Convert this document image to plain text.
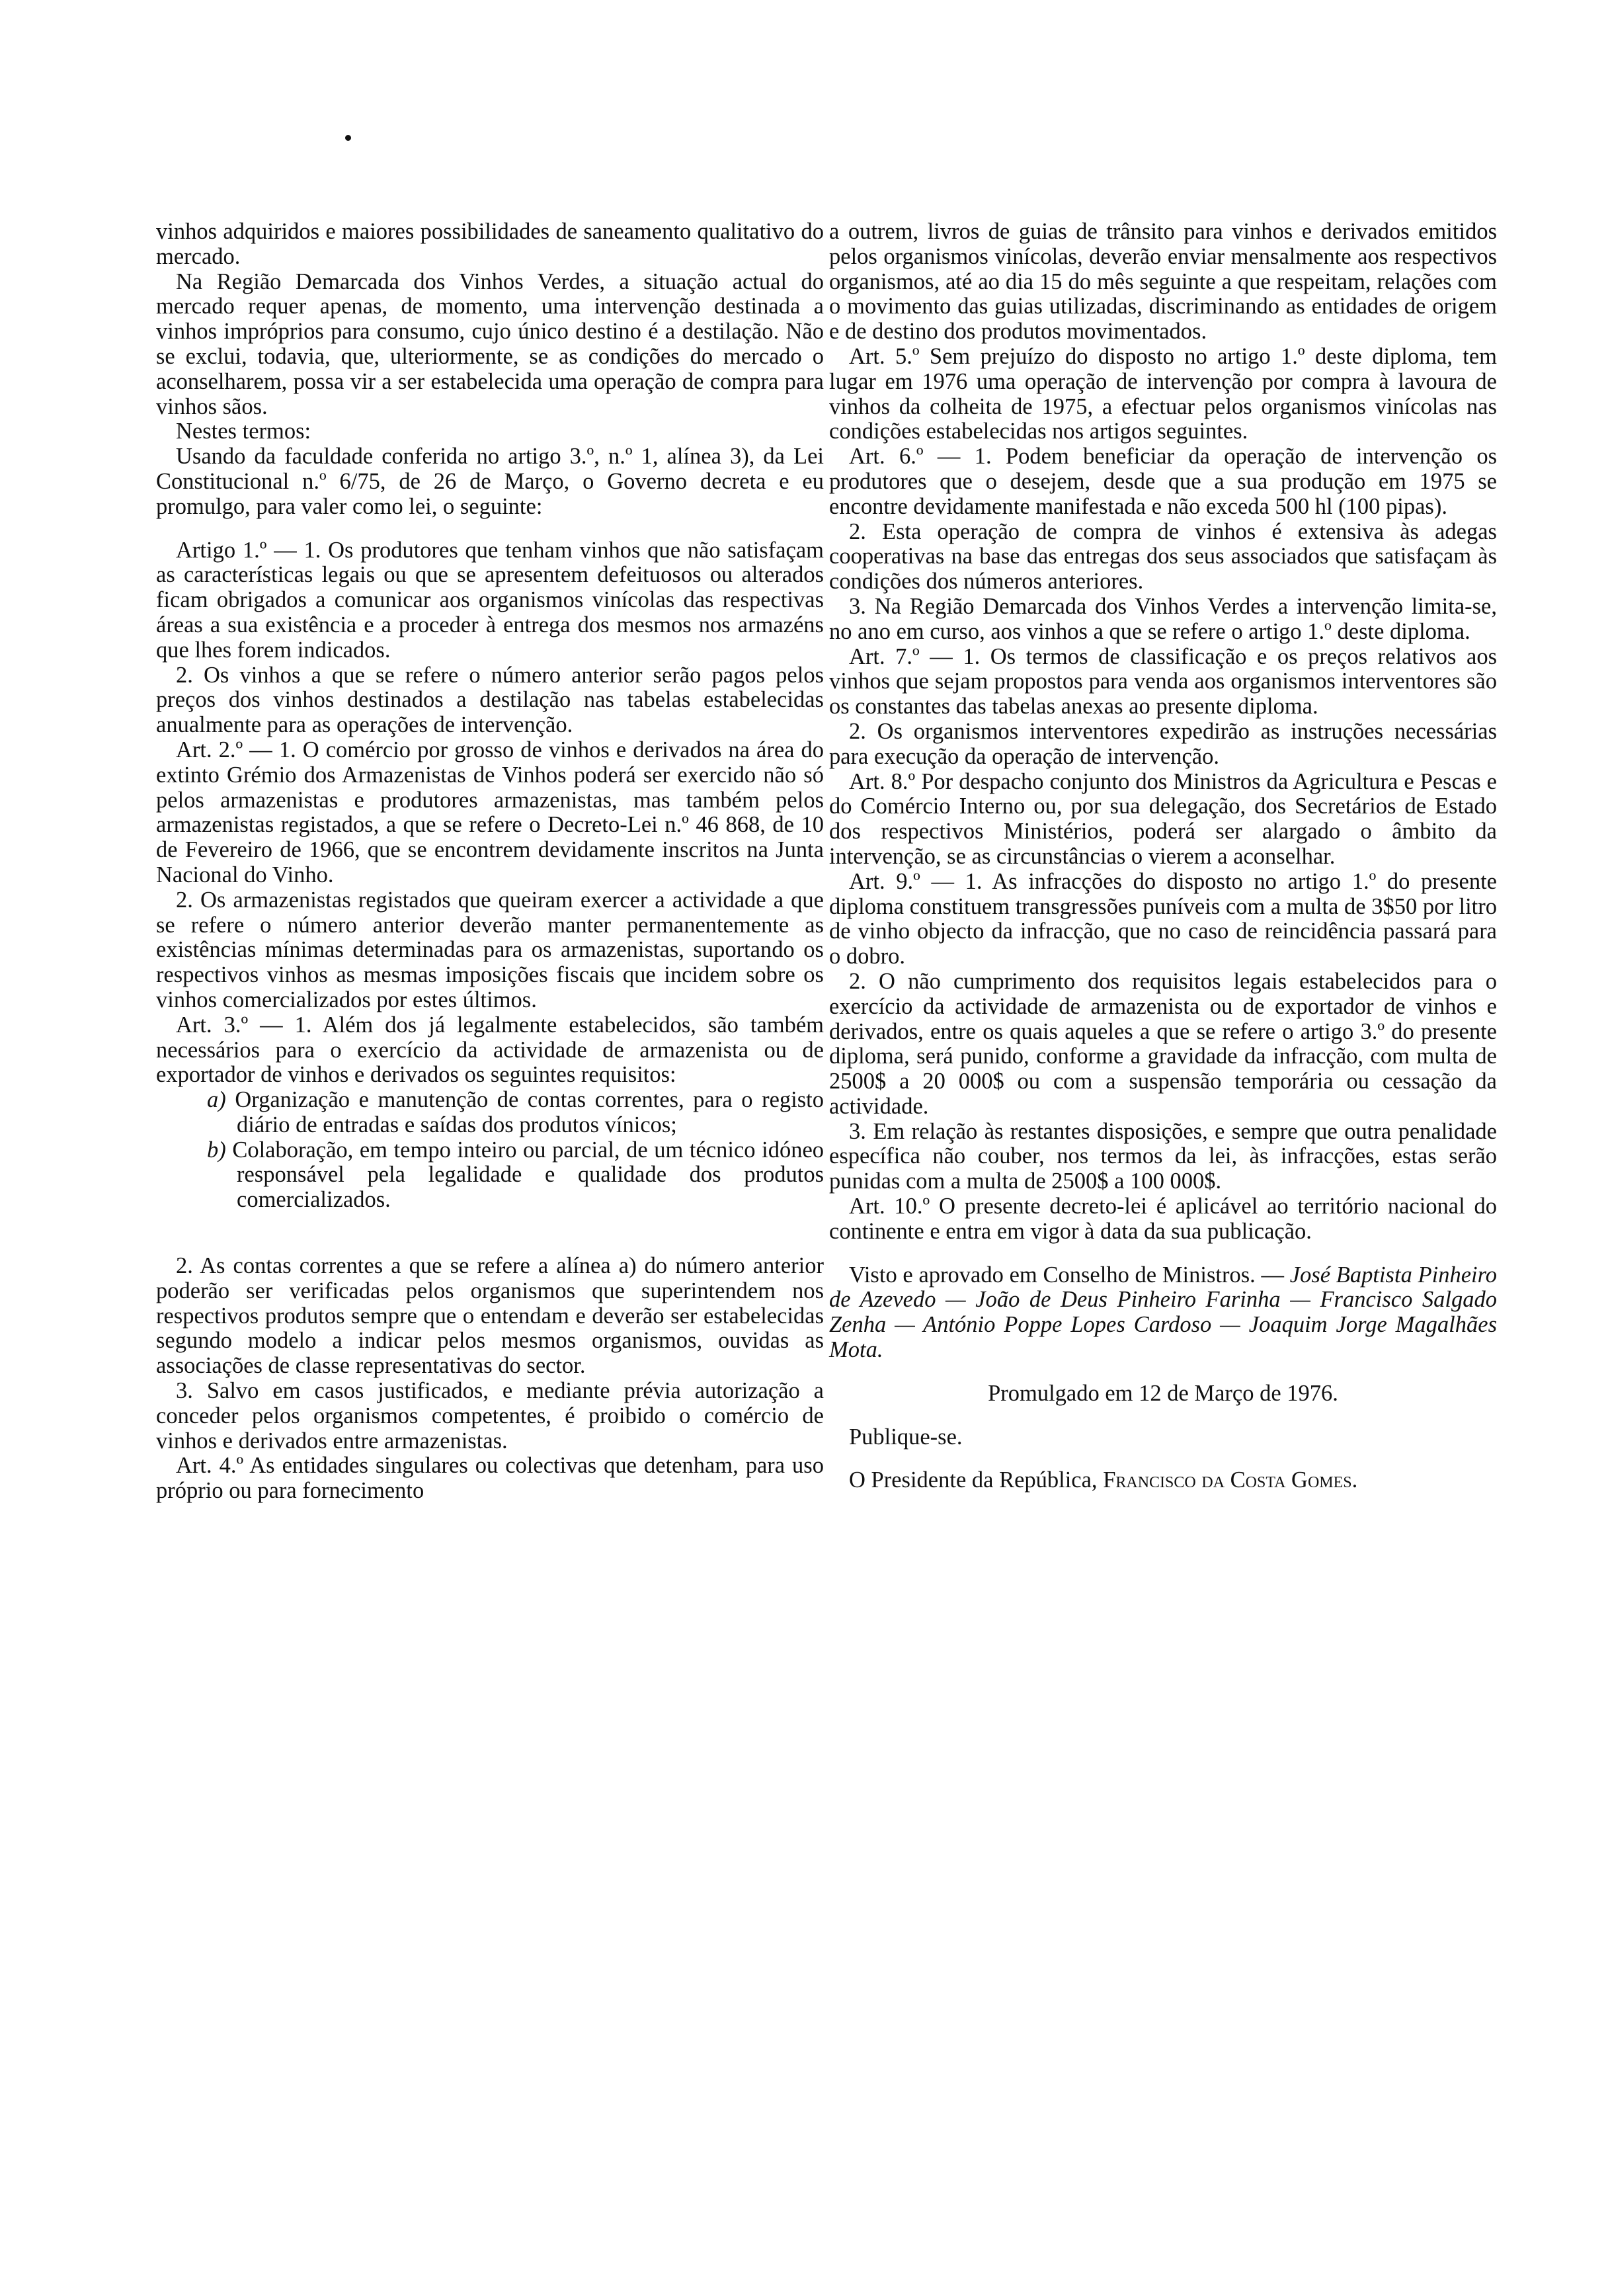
vinhos adquiridos e maiores possibilidades de saneamento qualitativo do mercado.

Na Região Demarcada dos Vinhos Verdes, a situação actual do mercado requer apenas, de momento, uma intervenção destinada a vinhos impróprios para consumo, cujo único destino é a destilação. Não se exclui, todavia, que, ulteriormente, se as condições do mercado o aconselharem, possa vir a ser estabelecida uma operação de compra para vinhos sãos.

Nestes termos:

Usando da faculdade conferida no artigo 3.º, n.º 1, alínea 3), da Lei Constitucional n.º 6/75, de 26 de Março, o Governo decreta e eu promulgo, para valer como lei, o seguinte:

Artigo 1.º — 1. Os produtores que tenham vinhos que não satisfaçam as características legais ou que se apresentem defeituosos ou alterados ficam obrigados a comunicar aos organismos vinícolas das respectivas áreas a sua existência e a proceder à entrega dos mesmos nos armazéns que lhes forem indicados.

2. Os vinhos a que se refere o número anterior serão pagos pelos preços dos vinhos destinados a destilação nas tabelas estabelecidas anualmente para as operações de intervenção.

Art. 2.º — 1. O comércio por grosso de vinhos e derivados na área do extinto Grémio dos Armazenistas de Vinhos poderá ser exercido não só pelos armazenistas e produtores armazenistas, mas também pelos armazenistas registados, a que se refere o Decreto-Lei n.º 46 868, de 10 de Fevereiro de 1966, que se encontrem devidamente inscritos na Junta Nacional do Vinho.

2. Os armazenistas registados que queiram exercer a actividade a que se refere o número anterior deverão manter permanentemente as existências mínimas determinadas para os armazenistas, suportando os respectivos vinhos as mesmas imposições fiscais que incidem sobre os vinhos comercializados por estes últimos.

Art. 3.º — 1. Além dos já legalmente estabelecidos, são também necessários para o exercício da actividade de armazenista ou de exportador de vinhos e derivados os seguintes requisitos:

a) Organização e manutenção de contas correntes, para o registo diário de entradas e saídas dos produtos vínicos;

b) Colaboração, em tempo inteiro ou parcial, de um técnico idóneo responsável pela legalidade e qualidade dos produtos comercializados.

2. As contas correntes a que se refere a alínea a) do número anterior poderão ser verificadas pelos organismos que superintendem nos respectivos produtos sempre que o entendam e deverão ser estabelecidas segundo modelo a indicar pelos mesmos organismos, ouvidas as associações de classe representativas do sector.

3. Salvo em casos justificados, e mediante prévia autorização a conceder pelos organismos competentes, é proibido o comércio de vinhos e derivados entre armazenistas.

Art. 4.º As entidades singulares ou colectivas que detenham, para uso próprio ou para fornecimento

a outrem, livros de guias de trânsito para vinhos e derivados emitidos pelos organismos vinícolas, deverão enviar mensalmente aos respectivos organismos, até ao dia 15 do mês seguinte a que respeitam, relações com o movimento das guias utilizadas, discriminando as entidades de origem e de destino dos produtos movimentados.

Art. 5.º Sem prejuízo do disposto no artigo 1.º deste diploma, tem lugar em 1976 uma operação de intervenção por compra à lavoura de vinhos da colheita de 1975, a efectuar pelos organismos vinícolas nas condições estabelecidas nos artigos seguintes.

Art. 6.º — 1. Podem beneficiar da operação de intervenção os produtores que o desejem, desde que a sua produção em 1975 se encontre devidamente manifestada e não exceda 500 hl (100 pipas).

2. Esta operação de compra de vinhos é extensiva às adegas cooperativas na base das entregas dos seus associados que satisfaçam às condições dos números anteriores.

3. Na Região Demarcada dos Vinhos Verdes a intervenção limita-se, no ano em curso, aos vinhos a que se refere o artigo 1.º deste diploma.

Art. 7.º — 1. Os termos de classificação e os preços relativos aos vinhos que sejam propostos para venda aos organismos interventores são os constantes das tabelas anexas ao presente diploma.

2. Os organismos interventores expedirão as instruções necessárias para execução da operação de intervenção.

Art. 8.º Por despacho conjunto dos Ministros da Agricultura e Pescas e do Comércio Interno ou, por sua delegação, dos Secretários de Estado dos respectivos Ministérios, poderá ser alargado o âmbito da intervenção, se as circunstâncias o vierem a aconselhar.

Art. 9.º — 1. As infracções do disposto no artigo 1.º do presente diploma constituem transgressões puníveis com a multa de 3$50 por litro de vinho objecto da infracção, que no caso de reincidência passará para o dobro.

2. O não cumprimento dos requisitos legais estabelecidos para o exercício da actividade de armazenista ou de exportador de vinhos e derivados, entre os quais aqueles a que se refere o artigo 3.º do presente diploma, será punido, conforme a gravidade da infracção, com multa de 2500$ a 20 000$ ou com a suspensão temporária ou cessação da actividade.

3. Em relação às restantes disposições, e sempre que outra penalidade específica não couber, nos termos da lei, às infracções, estas serão punidas com a multa de 2500$ a 100 000$.

Art. 10.º O presente decreto-lei é aplicável ao território nacional do continente e entra em vigor à data da sua publicação.

Visto e aprovado em Conselho de Ministros. — José Baptista Pinheiro de Azevedo — João de Deus Pinheiro Farinha — Francisco Salgado Zenha — António Poppe Lopes Cardoso — Joaquim Jorge Magalhães Mota.

Promulgado em 12 de Março de 1976.

Publique-se.

O Presidente da República, Francisco da Costa Gomes.
